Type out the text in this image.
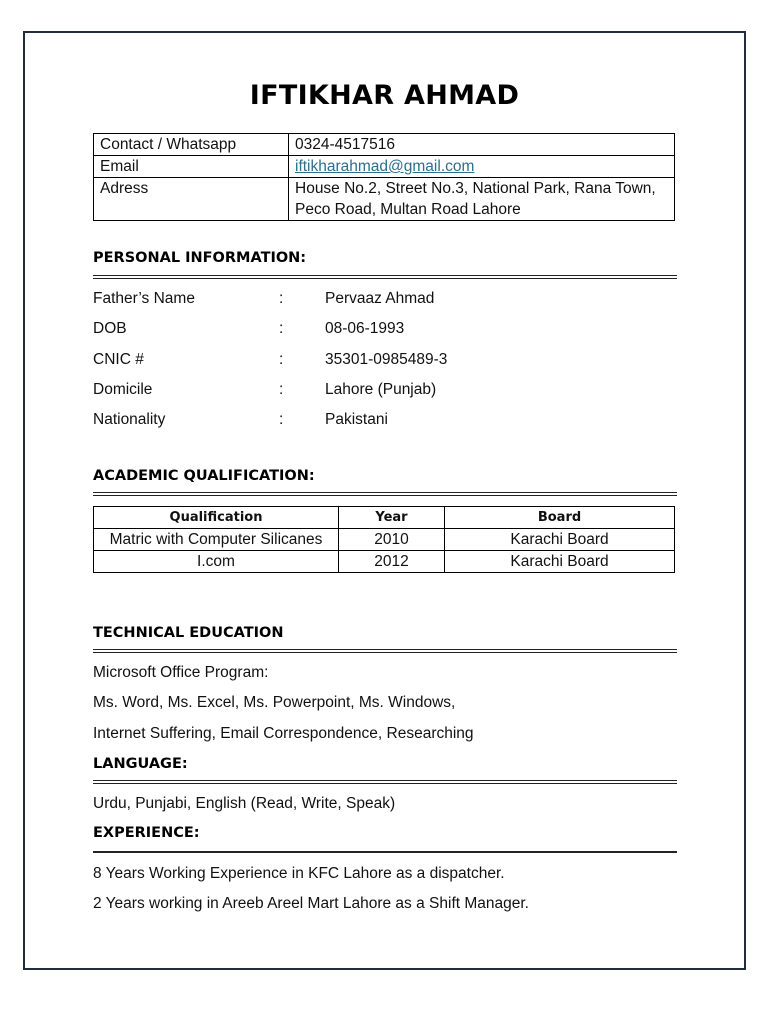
IFTIKHAR AHMAD
Contact / Whatsapp	0324-4517516
Email	iftikharahmad@gmail.com
Adress	House No.2, Street No.3, National Park, Rana Town, Peco Road, Multan Road Lahore
PERSONAL INFORMATION:
Father’s Name	:	Pervaaz Ahmad
DOB	:	08-06-1993
CNIC #	:	35301-0985489-3
Domicile	:	Lahore (Punjab)
Nationality	:	Pakistani
ACADEMIC QUALIFICATION:
Qualification	Year	Board
Matric with Computer Silicanes	2010	Karachi Board
I.com	2012	Karachi Board
TECHNICAL EDUCATION
Microsoft Office Program:
Ms. Word, Ms. Excel, Ms. Powerpoint, Ms. Windows,
Internet Suffering, Email Correspondence, Researching
LANGUAGE:
Urdu, Punjabi, English (Read, Write, Speak)
EXPERIENCE:
8 Years Working Experience in KFC Lahore as a dispatcher.
2 Years working in Areeb Areel Mart Lahore as a Shift Manager.
